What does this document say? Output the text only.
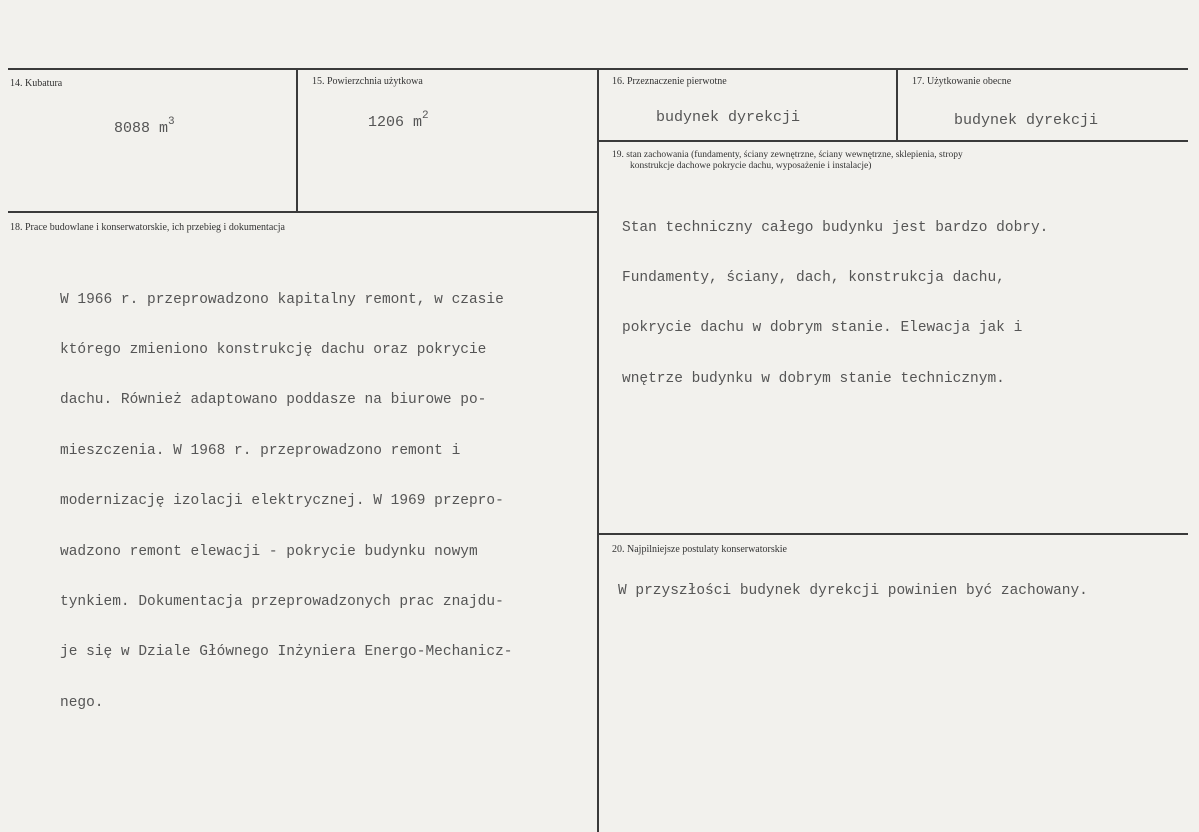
14. Kubatura
8088 $m^3$
15. Powierzchnia użytkowa
1206 $m^2$
16. Przeznaczenie pierwotne
budynek dyrekcji
17. Użytkowanie obecne
budynek dyrekcji
18. Prace budowlane i konserwatorskie, ich przebieg i dokumentacja

W 1966 r. przeprowadzono kapitalny remont, w czasie

którego zmieniono konstrukcję dachu oraz pokrycie

dachu. Również adaptowano poddasze na biurowe po-

mieszczenia. W 1968 r. przeprowadzono remont i

modernizację izolacji elektrycznej. W 1969 przepro-

wadzono remont elewacji - pokrycie budynku nowym

tynkiem. Dokumentacja przeprowadzonych prac znajdu-

je się w Dziale Głównego Inżyniera Energo-Mechanicz-

nego.

19. stan zachowania (fundamenty, ściany zewnętrzne, ściany wewnętrzne, sklepienia, stropy
konstrukcje dachowe pokrycie dachu, wyposażenie i instalacje)

Stan techniczny całego budynku jest bardzo dobry.

Fundamenty, ściany, dach, konstrukcja dachu,

pokrycie dachu w dobrym stanie. Elewacja jak i

wnętrze budynku w dobrym stanie technicznym.

20. Najpilniejsze postulaty konserwatorskie
W przyszłości budynek dyrekcji powinien być zachowany.
